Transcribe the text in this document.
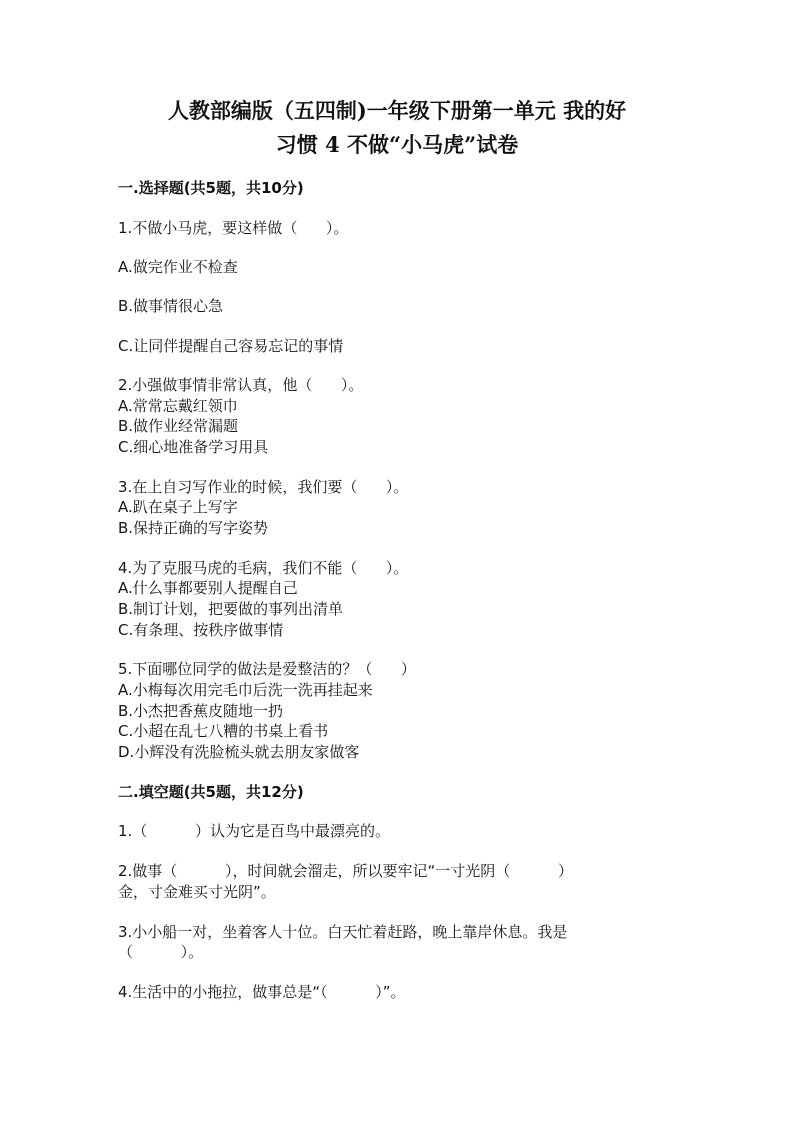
人教部编版（五四制)一年级下册第一单元 我的好
习惯 4 不做“小马虎”试卷
一.选择题(共5题，共10分)
1.不做小马虎，要这样做（      ）。
A.做完作业不检查
B.做事情很心急
C.让同伴提醒自己容易忘记的事情
2.小强做事情非常认真，他（      ）。
A.常常忘戴红领巾
B.做作业经常漏题
C.细心地准备学习用具
3.在上自习写作业的时候，我们要（      ）。
A.趴在桌子上写字
B.保持正确的写字姿势
4.为了克服马虎的毛病，我们不能（      ）。
A.什么事都要别人提醒自己
B.制订计划，把要做的事列出清单
C.有条理、按秩序做事情
5.下面哪位同学的做法是爱整洁的？（      ）
A.小梅每次用完毛巾后洗一洗再挂起来
B.小杰把香蕉皮随地一扔
C.小超在乱七八糟的书桌上看书
D.小辉没有洗脸梳头就去朋友家做客
二.填空题(共5题，共12分)
1.（          ）认为它是百鸟中最漂亮的。
2.做事（          ），时间就会溜走，所以要牢记“一寸光阴（          ）
金，寸金难买寸光阴”。
3.小小船一对，坐着客人十位。白天忙着赶路，晚上靠岸休息。我是
（          ）。
4.生活中的小拖拉，做事总是“（          ）”。
